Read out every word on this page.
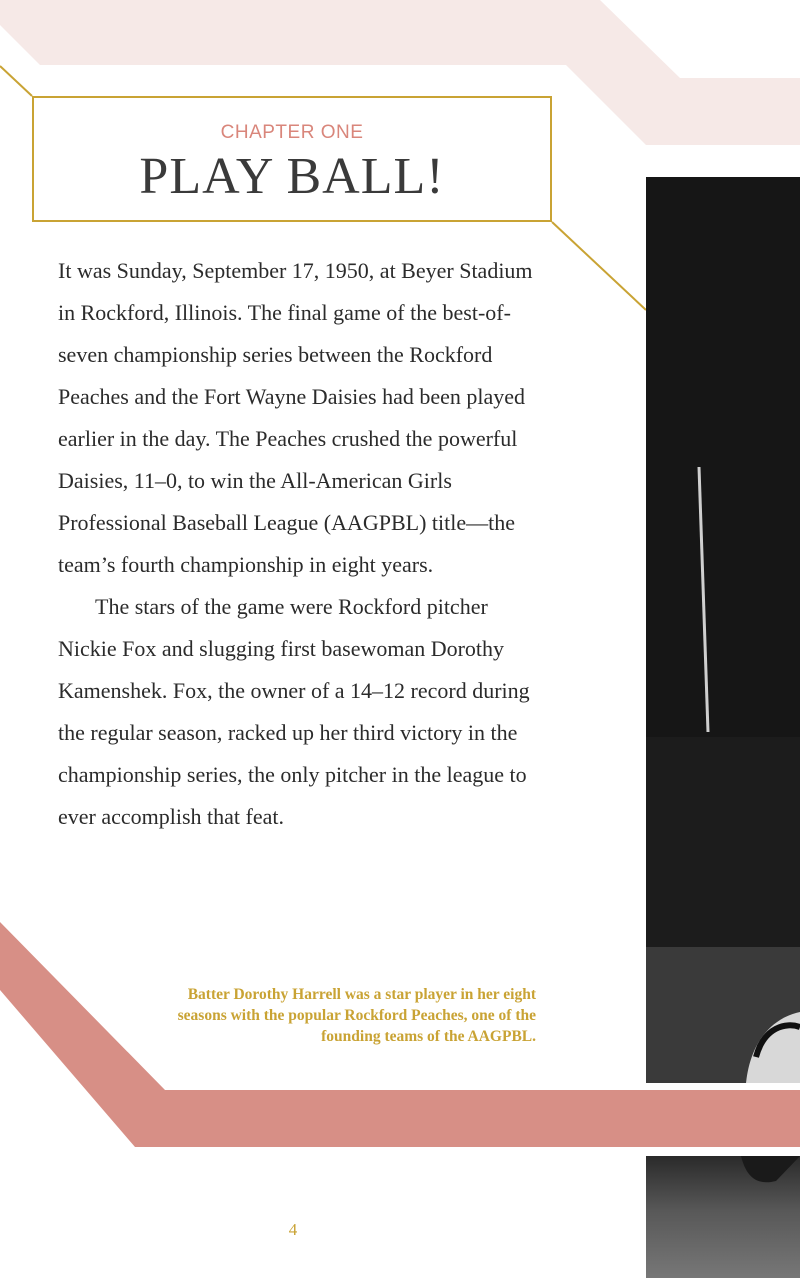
CHAPTER ONE
PLAY BALL!

It was Sunday, September 17, 1950, at Beyer Stadium in Rockford, Illinois. The final game of the best-of-seven championship series between the Rockford Peaches and the Fort Wayne Daisies had been played earlier in the day. The Peaches crushed the powerful Daisies, 11–0, to win the All-American Girls Professional Baseball League (AAGPBL) title—the team’s fourth championship in eight years.

The stars of the game were Rockford pitcher Nickie Fox and slugging first basewoman Dorothy Kamenshek. Fox, the owner of a 14–12 record during the regular season, racked up her third victory in the championship series, the only pitcher in the league to ever accomplish that feat.

Batter Dorothy Harrell was a star player in her eight seasons with the popular Rockford Peaches, one of the founding teams of the AAGPBL.
4
